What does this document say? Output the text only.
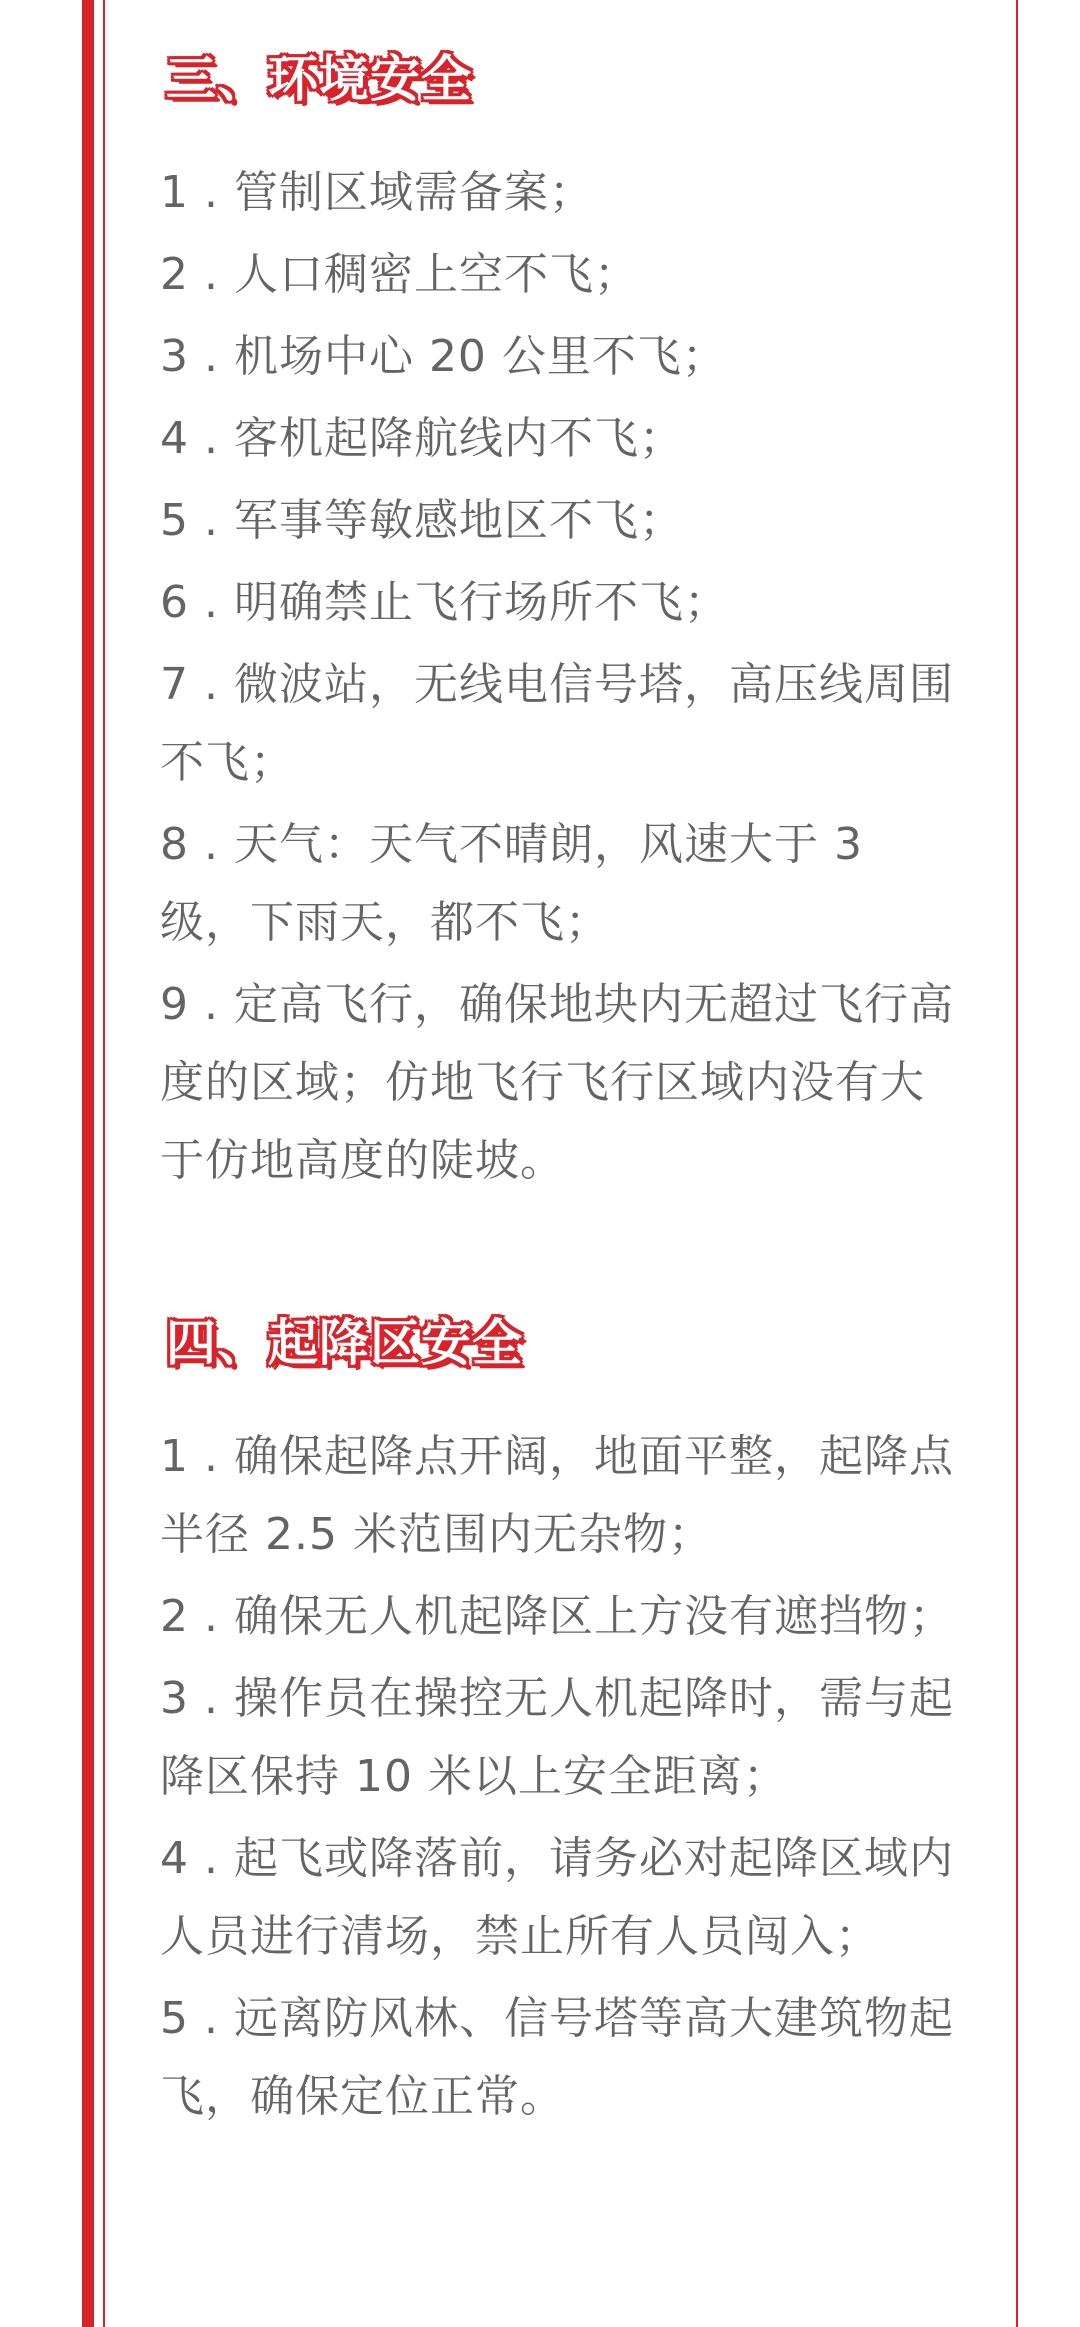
三、环境安全
1 . 管制区域需备案；
2 . 人口稠密上空不飞；
3 . 机场中心 20 公里不飞；
4 . 客机起降航线内不飞；
5 . 军事等敏感地区不飞；
6 . 明确禁止飞行场所不飞；
7 . 微波站，无线电信号塔，高压线周围不飞；
8 . 天气：天气不晴朗，风速大于 3 级，下雨天，都不飞；
9 . 定高飞行，确保地块内无超过飞行高度的区域；仿地飞行飞行区域内没有大于仿地高度的陡坡。
四、起降区安全
1 . 确保起降点开阔，地面平整，起降点半径 2.5 米范围内无杂物；
2 . 确保无人机起降区上方没有遮挡物；
3 . 操作员在操控无人机起降时，需与起降区保持 10 米以上安全距离；
4 . 起飞或降落前，请务必对起降区域内人员进行清场，禁止所有人员闯入；
5 . 远离防风林、信号塔等高大建筑物起飞，确保定位正常。
